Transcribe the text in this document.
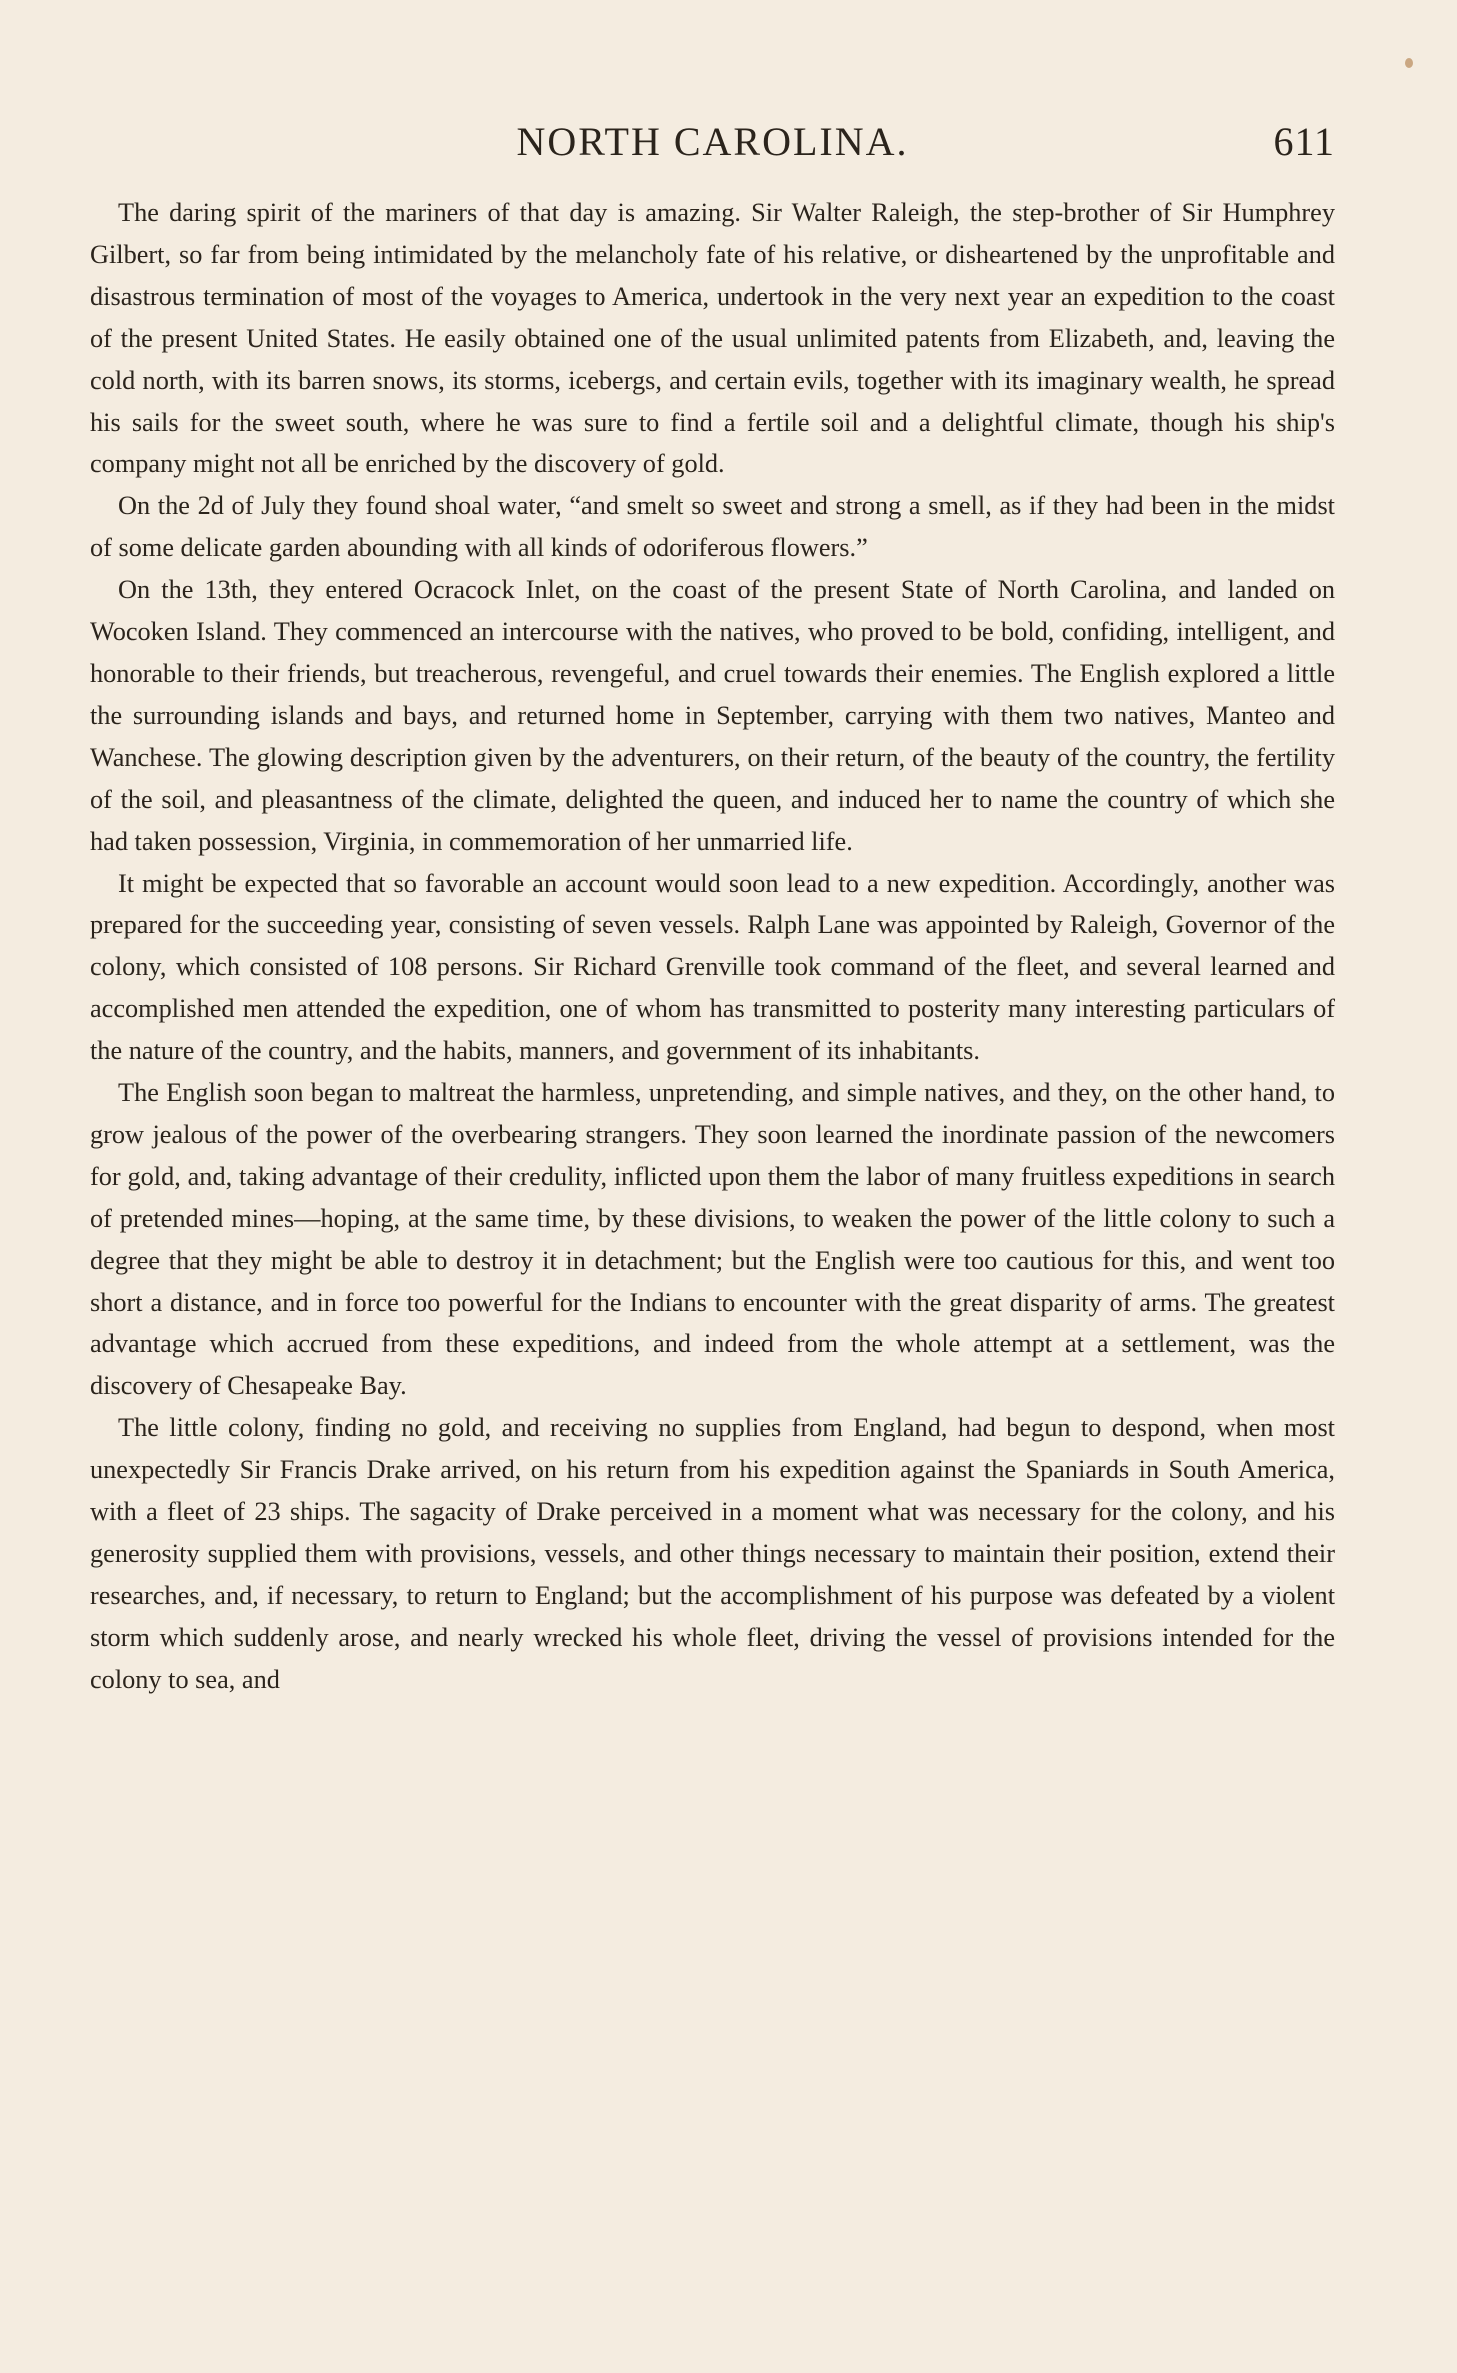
NORTH CAROLINA.	611

The daring spirit of the mariners of that day is amazing. Sir Walter Raleigh, the step-brother of Sir Humphrey Gilbert, so far from being intimidated by the melancholy fate of his relative, or disheartened by the unprofitable and disastrous termination of most of the voyages to America, undertook in the very next year an expedition to the coast of the present United States. He easily obtained one of the usual unlimited patents from Elizabeth, and, leaving the cold north, with its barren snows, its storms, icebergs, and certain evils, together with its imaginary wealth, he spread his sails for the sweet south, where he was sure to find a fertile soil and a delightful climate, though his ship's company might not all be enriched by the discovery of gold.

On the 2d of July they found shoal water, “and smelt so sweet and strong a smell, as if they had been in the midst of some delicate garden abounding with all kinds of odoriferous flowers.”

On the 13th, they entered Ocracock Inlet, on the coast of the present State of North Carolina, and landed on Wocoken Island. They commenced an intercourse with the natives, who proved to be bold, confiding, intelligent, and honorable to their friends, but treacherous, revengeful, and cruel towards their enemies. The English explored a little the surrounding islands and bays, and returned home in September, carrying with them two natives, Manteo and Wanchese. The glowing description given by the adventurers, on their return, of the beauty of the country, the fertility of the soil, and pleasantness of the climate, delighted the queen, and induced her to name the country of which she had taken possession, Virginia, in commemoration of her unmarried life.

It might be expected that so favorable an account would soon lead to a new expedition. Accordingly, another was prepared for the succeeding year, consisting of seven vessels. Ralph Lane was appointed by Raleigh, Governor of the colony, which consisted of 108 persons. Sir Richard Grenville took command of the fleet, and several learned and accomplished men attended the expedition, one of whom has transmitted to posterity many interesting particulars of the nature of the country, and the habits, manners, and government of its inhabitants.

The English soon began to maltreat the harmless, unpretending, and simple natives, and they, on the other hand, to grow jealous of the power of the overbearing strangers. They soon learned the inordinate passion of the newcomers for gold, and, taking advantage of their credulity, inflicted upon them the labor of many fruitless expeditions in search of pretended mines—hoping, at the same time, by these divisions, to weaken the power of the little colony to such a degree that they might be able to destroy it in detachment; but the English were too cautious for this, and went too short a distance, and in force too powerful for the Indians to encounter with the great disparity of arms. The greatest advantage which accrued from these expeditions, and indeed from the whole attempt at a settlement, was the discovery of Chesapeake Bay.

The little colony, finding no gold, and receiving no supplies from England, had begun to despond, when most unexpectedly Sir Francis Drake arrived, on his return from his expedition against the Spaniards in South America, with a fleet of 23 ships. The sagacity of Drake perceived in a moment what was necessary for the colony, and his generosity supplied them with provisions, vessels, and other things necessary to maintain their position, extend their researches, and, if necessary, to return to England; but the accomplishment of his purpose was defeated by a violent storm which suddenly arose, and nearly wrecked his whole fleet, driving the vessel of provisions intended for the colony to sea, and
